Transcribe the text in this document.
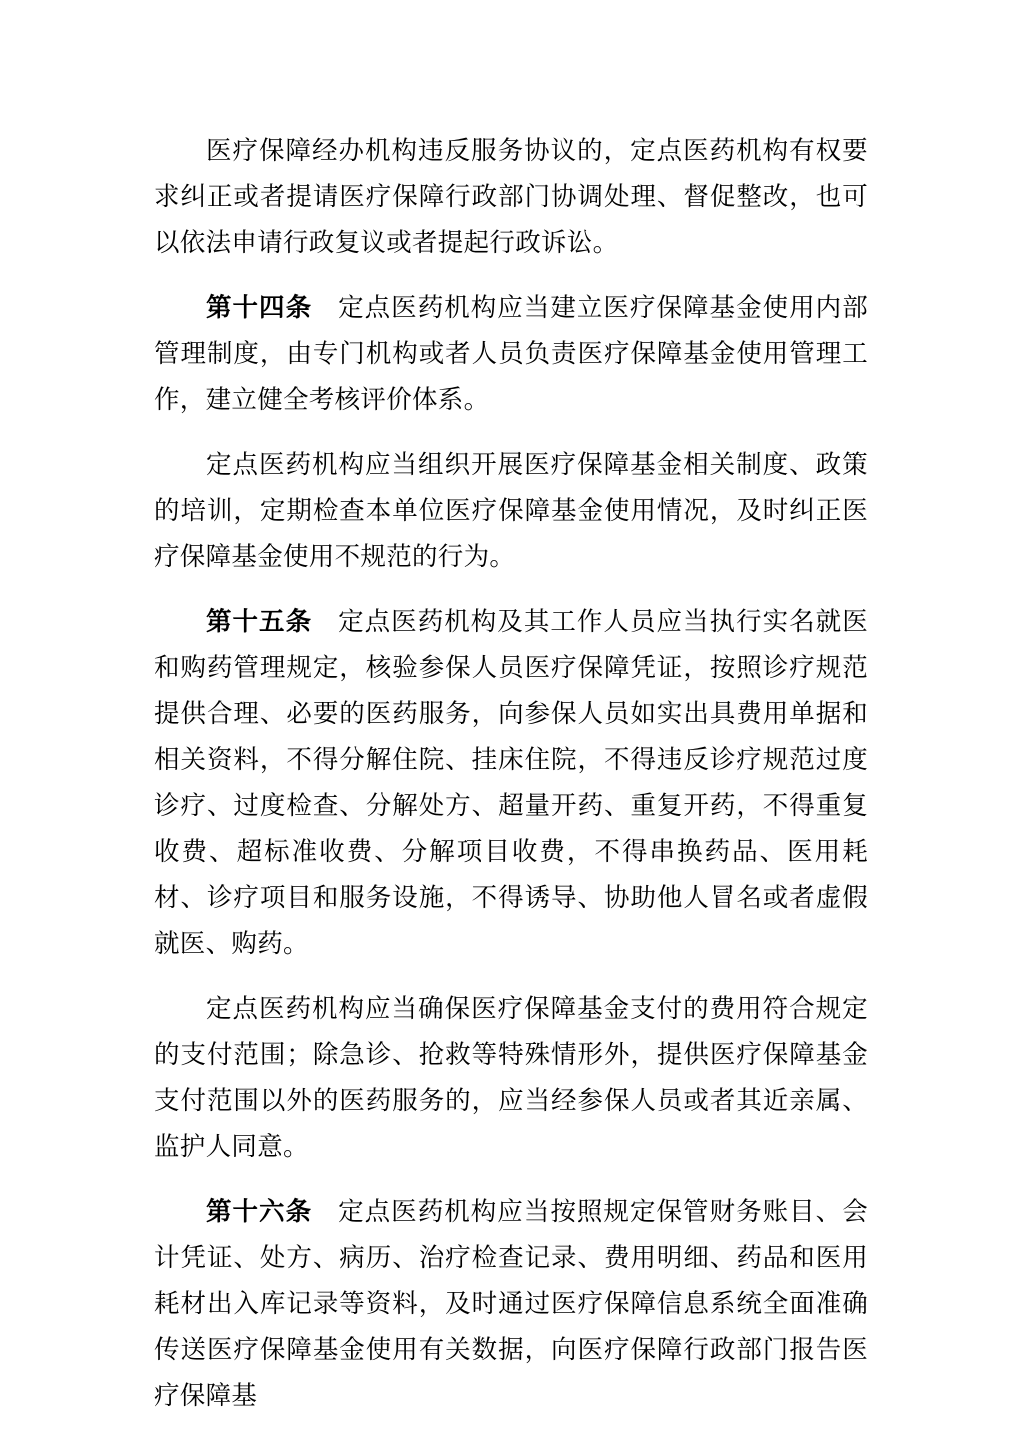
医疗保障经办机构违反服务协议的，定点医药机构有权要求纠正或者提请医疗保障行政部门协调处理、督促整改，也可以依法申请行政复议或者提起行政诉讼。

第十四条 定点医药机构应当建立医疗保障基金使用内部管理制度，由专门机构或者人员负责医疗保障基金使用管理工作，建立健全考核评价体系。

定点医药机构应当组织开展医疗保障基金相关制度、政策的培训，定期检查本单位医疗保障基金使用情况，及时纠正医疗保障基金使用不规范的行为。

第十五条 定点医药机构及其工作人员应当执行实名就医和购药管理规定，核验参保人员医疗保障凭证，按照诊疗规范提供合理、必要的医药服务，向参保人员如实出具费用单据和相关资料，不得分解住院、挂床住院，不得违反诊疗规范过度诊疗、过度检查、分解处方、超量开药、重复开药，不得重复收费、超标准收费、分解项目收费，不得串换药品、医用耗材、诊疗项目和服务设施，不得诱导、协助他人冒名或者虚假就医、购药。

定点医药机构应当确保医疗保障基金支付的费用符合规定的支付范围；除急诊、抢救等特殊情形外，提供医疗保障基金支付范围以外的医药服务的，应当经参保人员或者其近亲属、监护人同意。

第十六条 定点医药机构应当按照规定保管财务账目、会计凭证、处方、病历、治疗检查记录、费用明细、药品和医用耗材出入库记录等资料，及时通过医疗保障信息系统全面准确传送医疗保障基金使用有关数据，向医疗保障行政部门报告医疗保障基
